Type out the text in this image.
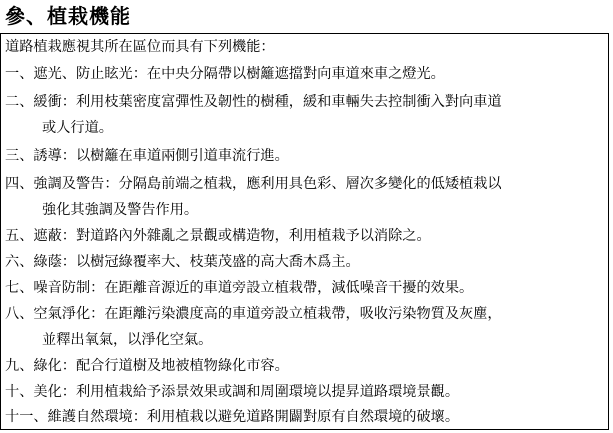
參、植栽機能
道路植栽應視其所在區位而具有下列機能：
一、遮光、防止眩光：在中央分隔帶以樹籬遮擋對向車道來車之燈光。
二、緩衝：利用枝葉密度富彈性及韌性的樹種，緩和車輛失去控制衝入對向車道
或人行道。
三、誘導：以樹籬在車道兩側引道車流行進。
四、強調及警告：分隔島前端之植栽，應利用具色彩、層次多變化的低矮植栽以
強化其強調及警告作用。
五、遮蔽：對道路內外雜亂之景觀或構造物，利用植栽予以消除之。
六、綠蔭：以樹冠綠覆率大、枝葉茂盛的高大喬木爲主。
七、噪音防制：在距離音源近的車道旁設立植栽帶，減低噪音干擾的效果。
八、空氣淨化：在距離污染濃度高的車道旁設立植栽帶，吸收污染物質及灰塵，
並釋出氧氣，以淨化空氣。
九、綠化：配合行道樹及地被植物綠化市容。
十、美化：利用植栽給予添景效果或調和周圍環境以提昇道路環境景觀。
十一、維護自然環境：利用植栽以避免道路開闢對原有自然環境的破壞。
